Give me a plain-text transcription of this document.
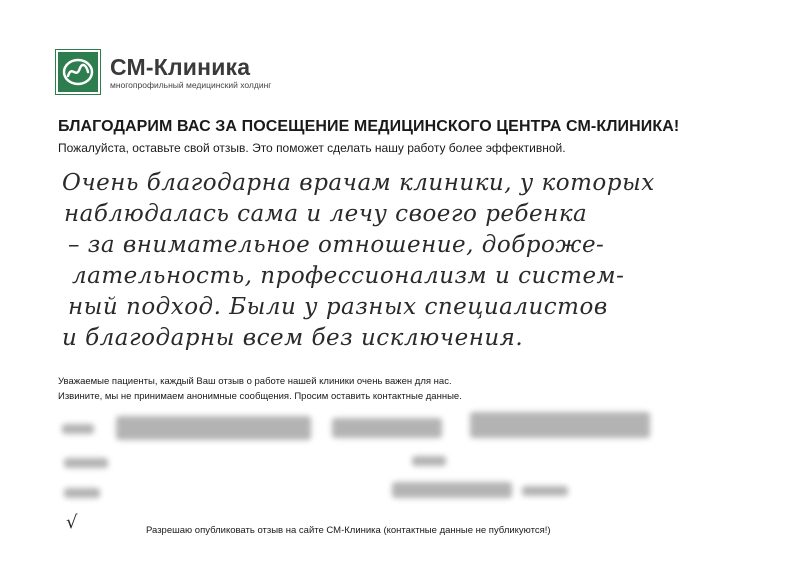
СМ-Клиника
многопрофильный медицинский холдинг
БЛАГОДАРИМ ВАС ЗА ПОСЕЩЕНИЕ МЕДИЦИНСКОГО ЦЕНТРА СМ-КЛИНИКА!
Пожалуйста, оставьте свой отзыв. Это поможет сделать нашу работу более эффективной.
Очень благодарна врачам клиники, у которых
наблюдалась сама и лечу своего ребенка
– за внимательное отношение, доброже-
лательность, профессионализм и систем-
ный подход. Были у разных специалистов
и благодарны всем без исключения.
Уважаемые пациенты, каждый Ваш отзыв о работе нашей клиники очень важен для нас.
Извините, мы не принимаем анонимные сообщения. Просим оставить контактные данные.
√	Разрешаю опубликовать отзыв на сайте СМ-Клиника (контактные данные не публикуются!)
